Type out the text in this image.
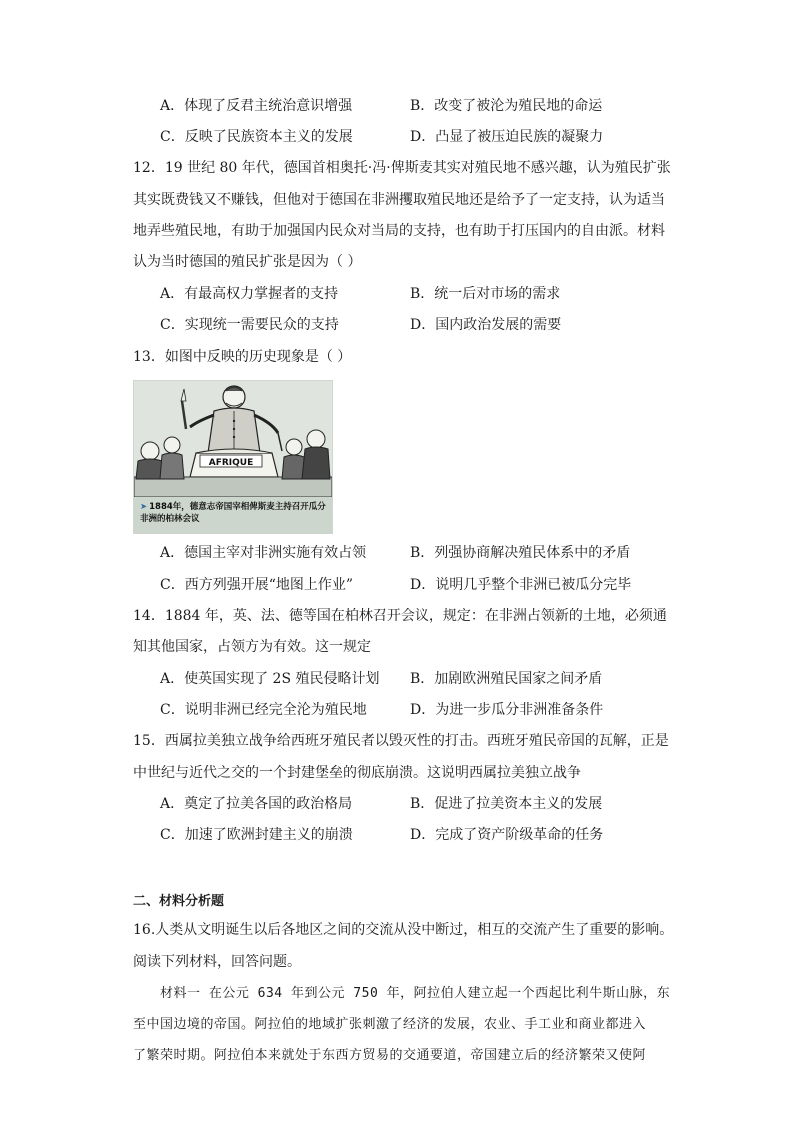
A．体现了反君主统治意识增强	B．改变了被沦为殖民地的命运
C．反映了民族资本主义的发展	D．凸显了被压迫民族的凝聚力
12．19 世纪 80 年代，德国首相奥托·冯·俾斯麦其实对殖民地不感兴趣，认为殖民扩张
其实既费钱又不赚钱，但他对于德国在非洲攫取殖民地还是给予了一定支持，认为适当
地弄些殖民地，有助于加强国内民众对当局的支持，也有助于打压国内的自由派。材料
认为当时德国的殖民扩张是因为（ ）
A．有最高权力掌握者的支持	B．统一后对市场的需求
C．实现统一需要民众的支持	D．国内政治发展的需要
13．如图中反映的历史现象是（ ）
AFRIQUE
➤ 1884年，德意志帝国宰相俾斯麦主持召开瓜分非洲的柏林会议
A．德国主宰对非洲实施有效占领	B．列强协商解决殖民体系中的矛盾
C．西方列强开展“地图上作业”	D．说明几乎整个非洲已被瓜分完毕
14．1884 年，英、法、德等国在柏林召开会议，规定：在非洲占领新的土地，必须通
知其他国家，占领方为有效。这一规定
A．使英国实现了 2S 殖民侵略计划 B．加剧欧洲殖民国家之间矛盾
C．说明非洲已经完全沦为殖民地	D．为进一步瓜分非洲准备条件
15．西属拉美独立战争给西班牙殖民者以毁灭性的打击。西班牙殖民帝国的瓦解，正是
中世纪与近代之交的一个封建堡垒的彻底崩溃。这说明西属拉美独立战争
A．奠定了拉美各国的政治格局	B．促进了拉美资本主义的发展
C．加速了欧洲封建主义的崩溃	D．完成了资产阶级革命的任务
二、材料分析题
16.人类从文明诞生以后各地区之间的交流从没中断过，相互的交流产生了重要的影响。
阅读下列材料，回答问题。
材料一 在公元 634 年到公元 750 年，阿拉伯人建立起一个西起比利牛斯山脉，东
至中国边境的帝国。阿拉伯的地域扩张刺激了经济的发展，农业、手工业和商业都进入
了繁荣时期。阿拉伯本来就处于东西方贸易的交通要道，帝国建立后的经济繁荣又使阿
